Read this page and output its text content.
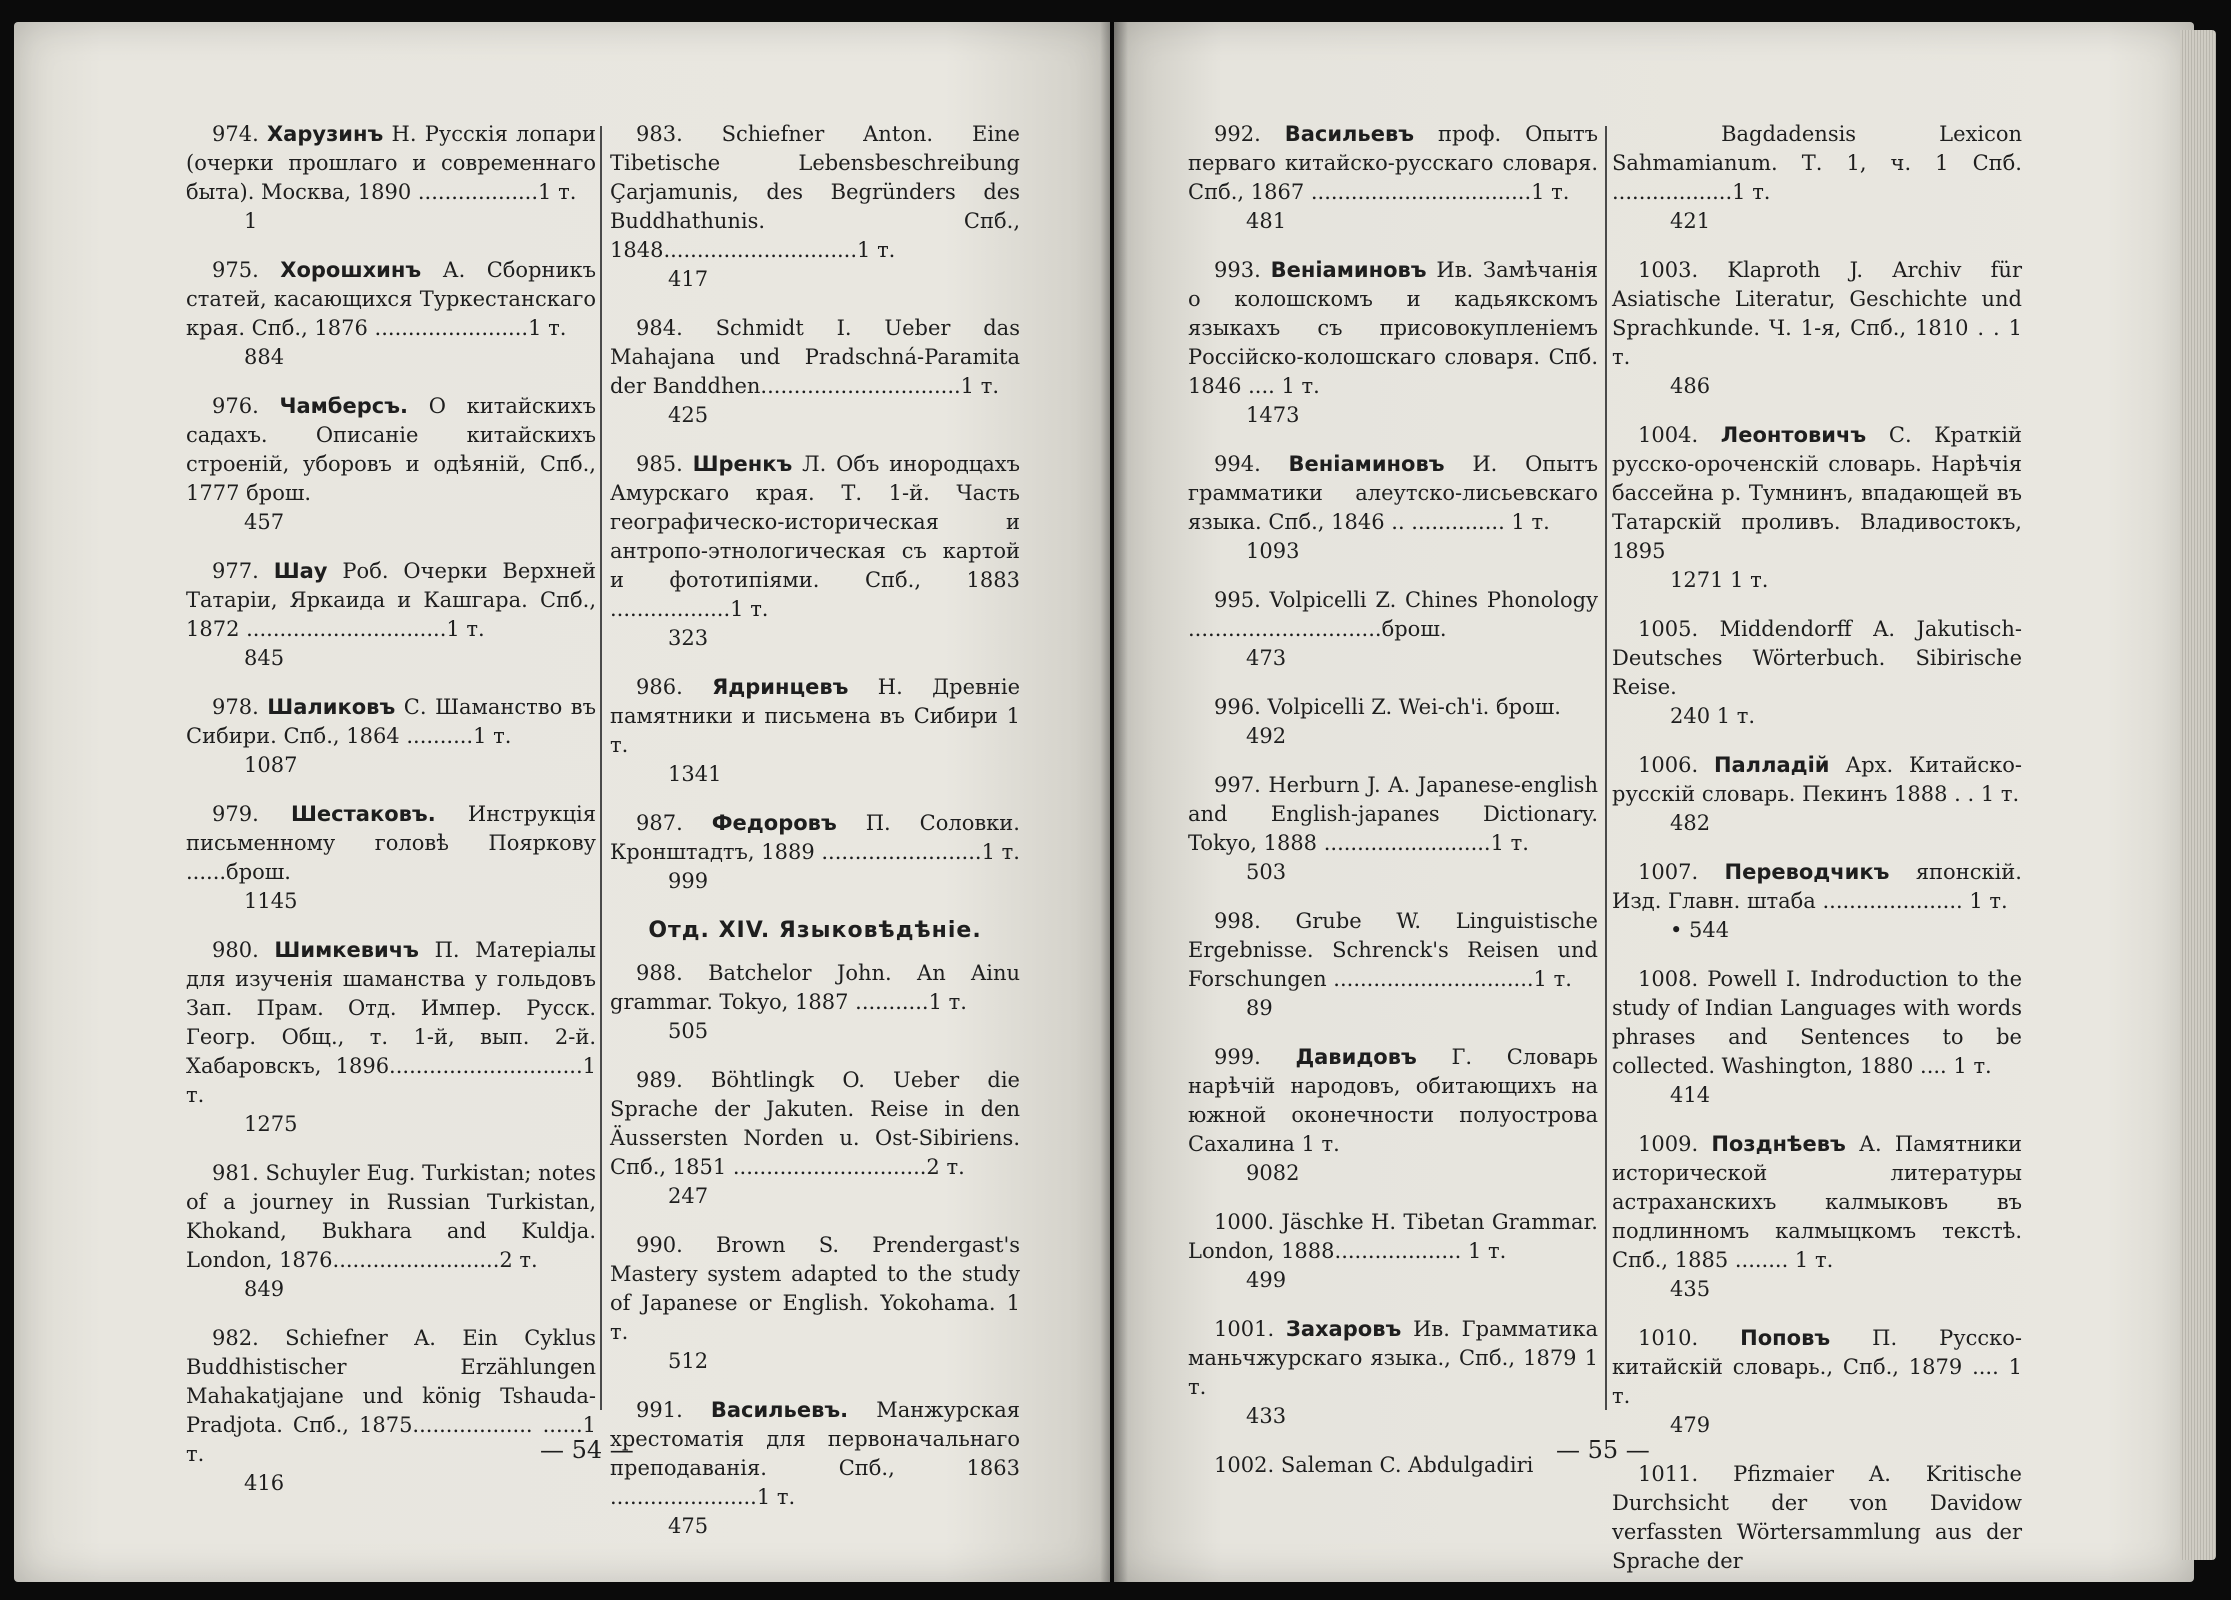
974. Харузинъ Н. Русскія лопари (очерки прошлаго и современнаго быта). Москва, 1890 ..................1 т.
1
975. Хорошхинъ А. Сборникъ статей, касающихся Туркестанскаго края. Спб., 1876 .......................1 т.
884
976. Чамберсъ. О китайскихъ садахъ. Описаніе китайскихъ строеній, уборовъ и одѣяній, Спб., 1777 брош.
457
977. Шау Роб. Очерки Верхней Татаріи, Яркаида и Кашгара. Спб., 1872 ..............................1 т.
845
978. Шаликовъ С. Шаманство въ Сибири. Спб., 1864 ..........1 т.
1087
979. Шестаковъ. Инструкція письменному головѣ Пояркову ......брош.
1145
980. Шимкевичъ П. Матеріалы для изученія шаманства у гольдовъ Зап. Прам. Отд. Импер. Русск. Геогр. Общ., т. 1-й, вып. 2-й. Хабаровскъ, 1896.............................1 т.
1275
981. Schuyler Eug. Turkistan; notes of a journey in Russian Turkistan, Khokand, Bukhara and Kuldja. London, 1876.........................2 т.
849
982. Schiefner A. Ein Cyklus Buddhistischer Erzählungen Mahakatjajane und könig Tshauda-Pradjota. Спб., 1875.................. ......1 т.
416
983. Schiefner Anton. Eine Tibetische Lebensbeschreibung Çarjamunis, des Begründers des Buddhathunis. Спб., 1848.............................1 т.
417
984. Schmidt I. Ueber das Mahajana und Pradschná-Paramita der Banddhen..............................1 т.
425
985. Шренкъ Л. Объ инородцахъ Амурскаго края. Т. 1-й. Часть географическо-историческая и антропо-этнологическая съ картой и фототипіями. Спб., 1883 ..................1 т.
323
986. Ядринцевъ Н. Древніе памятники и письмена въ Сибири 1 т.
1341
987. Федоровъ П. Соловки. Кронштадтъ, 1889 ........................1 т.
999
Отд. XIV. Языковѣдѣніе.
988. Batchelor John. An Ainu grammar. Tokyo, 1887 ...........1 т.
505
989. Böhtlingk O. Ueber die Sprache der Jakuten. Reise in den Äussersten Norden u. Ost-Sibiriens. Спб., 1851 .............................2 т.
247
990. Brown S. Prendergast's Mastery system adapted to the study of Japanese or English. Yokohama. 1 т.
512
991. Васильевъ. Манжурская хрестоматія для первоначальнаго преподаванія. Спб., 1863 ......................1 т.
475
992. Васильевъ проф. Опытъ перваго китайско-русскаго словаря. Спб., 1867 .................................1 т.
481
993. Веніаминовъ Ив. Замѣчанія о колошскомъ и кадьякскомъ языкахъ съ присовокупленіемъ Россійско-колошскаго словаря. Спб. 1846 .... 1 т.
1473
994. Веніаминовъ И. Опытъ грамматики алеутско-лисьевскаго языка. Спб., 1846 .. .............. 1 т.
1093
995. Volpicelli Z. Chines Phonology .............................брош.
473
996. Volpicelli Z. Wei-ch'i. брош.
492
997. Herburn J. A. Japanese-english and English-japanes Dictionary. Tokyo, 1888 .........................1 т.
503
998. Grube W. Linguistische Ergebnisse. Schrenck's Reisen und Forschungen ..............................1 т.
89
999. Давидовъ Г. Словарь нарѣчій народовъ, обитающихъ на южной оконечности полуострова Сахалина 1 т.
9082
1000. Jäschke H. Tibetan Grammar. London, 1888................... 1 т.
499
1001. Захаровъ Ив. Грамматика маньчжурскаго языка., Спб., 1879 1 т.
433
1002. Saleman C. Abdulgadiri
Bagdadensis Lexicon Sahmamianum. Т. 1, ч. 1 Спб. ..................1 т.
421
1003. Klaproth J. Archiv für Asiatische Literatur, Geschichte und Sprachkunde. Ч. 1-я, Спб., 1810 . . 1 т.
486
1004. Леонтовичъ С. Краткій русско-ороченскій словарь. Нарѣчія бассейна р. Тумнинъ, впадающей въ Татарскій проливъ. Владивостокъ, 1895
1271 1 т.
1005. Middendorff A. Jakutisch-Deutsches Wörterbuch. Sibirische Reise.
240 1 т.
1006. Палладій Арх. Китайско-русскій словарь. Пекинъ 1888 . . 1 т.
482
1007. Переводчикъ японскій. Изд. Главн. штаба ..................... 1 т.
• 544
1008. Powell I. Indroduction to the study of Indian Languages with words phrases and Sentences to be collected. Washington, 1880 .... 1 т.
414
1009. Позднѣевъ А. Памятники исторической литературы астраханскихъ калмыковъ въ подлинномъ калмыцкомъ текстѣ. Спб., 1885 ........ 1 т.
435
1010. Поповъ П. Русско-китайскій словарь., Спб., 1879 .... 1 т.
479
1011. Pfizmaier A. Kritische Durchsicht der von Davidow verfassten Wörtersammlung aus der Sprache der
— 54 —	— 55 —
